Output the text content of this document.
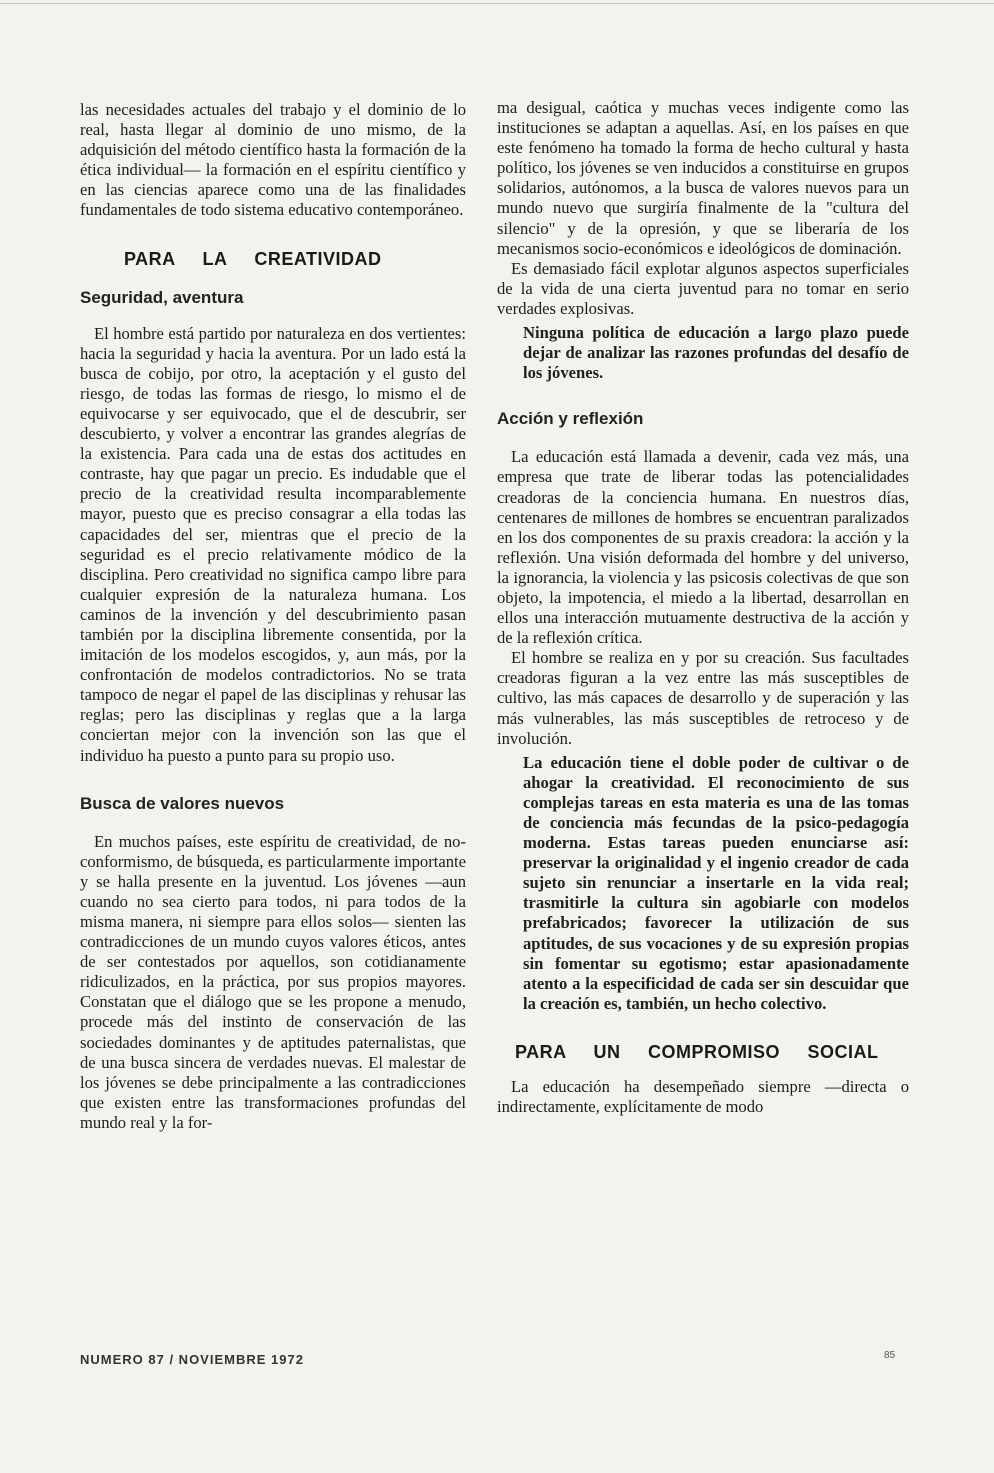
las necesidades actuales del trabajo y el dominio de lo real, hasta llegar al dominio de uno mismo, de la adquisición del método científico hasta la formación de la ética individual— la formación en el espíritu científico y en las ciencias aparece como una de las finalidades fundamentales de todo sistema educativo contemporáneo.

PARA LA CREATIVIDAD
Seguridad, aventura

El hombre está partido por naturaleza en dos vertientes: hacia la seguridad y hacia la aventura. Por un lado está la busca de cobijo, por otro, la aceptación y el gusto del riesgo, de todas las formas de riesgo, lo mismo el de equivocarse y ser equivocado, que el de descubrir, ser descubierto, y volver a encontrar las grandes alegrías de la existencia. Para cada una de estas dos actitudes en contraste, hay que pagar un precio. Es indudable que el precio de la creatividad resulta incomparablemente mayor, puesto que es preciso consagrar a ella todas las capacidades del ser, mientras que el precio de la seguridad es el precio relativamente módico de la disciplina. Pero creatividad no significa campo libre para cualquier expresión de la naturaleza humana. Los caminos de la invención y del descubrimiento pasan también por la disciplina libremente consentida, por la imitación de los modelos escogidos, y, aun más, por la confrontación de modelos contradictorios. No se trata tampoco de negar el papel de las disciplinas y rehusar las reglas; pero las disciplinas y reglas que a la larga conciertan mejor con la invención son las que el individuo ha puesto a punto para su propio uso.

Busca de valores nuevos

En muchos países, este espíritu de creatividad, de no-conformismo, de búsqueda, es particularmente importante y se halla presente en la juventud. Los jóvenes —aun cuando no sea cierto para todos, ni para todos de la misma manera, ni siempre para ellos solos— sienten las contradicciones de un mundo cuyos valores éticos, antes de ser contestados por aquellos, son cotidianamente ridiculizados, en la práctica, por sus propios mayores. Constatan que el diálogo que se les propone a menudo, procede más del instinto de conservación de las sociedades dominantes y de aptitudes paternalistas, que de una busca sincera de verdades nuevas. El malestar de los jóvenes se debe principalmente a las contradicciones que existen entre las transformaciones profundas del mundo real y la for-

ma desigual, caótica y muchas veces indigente como las instituciones se adaptan a aquellas. Así, en los países en que este fenómeno ha tomado la forma de hecho cultural y hasta político, los jóvenes se ven inducidos a constituirse en grupos solidarios, autónomos, a la busca de valores nuevos para un mundo nuevo que surgiría finalmente de la "cultura del silencio" y de la opresión, y que se liberaría de los mecanismos socio-económicos e ideológicos de dominación.

Es demasiado fácil explotar algunos aspectos superficiales de la vida de una cierta juventud para no tomar en serio verdades explosivas.

Ninguna política de educación a largo plazo puede dejar de analizar las razones profundas del desafío de los jóvenes.

Acción y reflexión

La educación está llamada a devenir, cada vez más, una empresa que trate de liberar todas las potencialidades creadoras de la conciencia humana. En nuestros días, centenares de millones de hombres se encuentran paralizados en los dos componentes de su praxis creadora: la acción y la reflexión. Una visión deformada del hombre y del universo, la ignorancia, la violencia y las psicosis colectivas de que son objeto, la impotencia, el miedo a la libertad, desarrollan en ellos una interacción mutuamente destructiva de la acción y de la reflexión crítica.

El hombre se realiza en y por su creación. Sus facultades creadoras figuran a la vez entre las más susceptibles de cultivo, las más capaces de desarrollo y de superación y las más vulnerables, las más susceptibles de retroceso y de involución.

La educación tiene el doble poder de cultivar o de ahogar la creatividad. El reconocimiento de sus complejas tareas en esta materia es una de las tomas de conciencia más fecundas de la psico-pedagogía moderna. Estas tareas pueden enunciarse así: preservar la originalidad y el ingenio creador de cada sujeto sin renunciar a insertarle en la vida real; trasmitirle la cultura sin agobiarle con modelos prefabricados; favorecer la utilización de sus aptitudes, de sus vocaciones y de su expresión propias sin fomentar su egotismo; estar apasionadamente atento a la especificidad de cada ser sin descuidar que la creación es, también, un hecho colectivo.

PARA UN COMPROMISO SOCIAL

La educación ha desempeñado siempre —directa o indirectamente, explícitamente de modo

NUMERO 87 / NOVIEMBRE 1972	85
